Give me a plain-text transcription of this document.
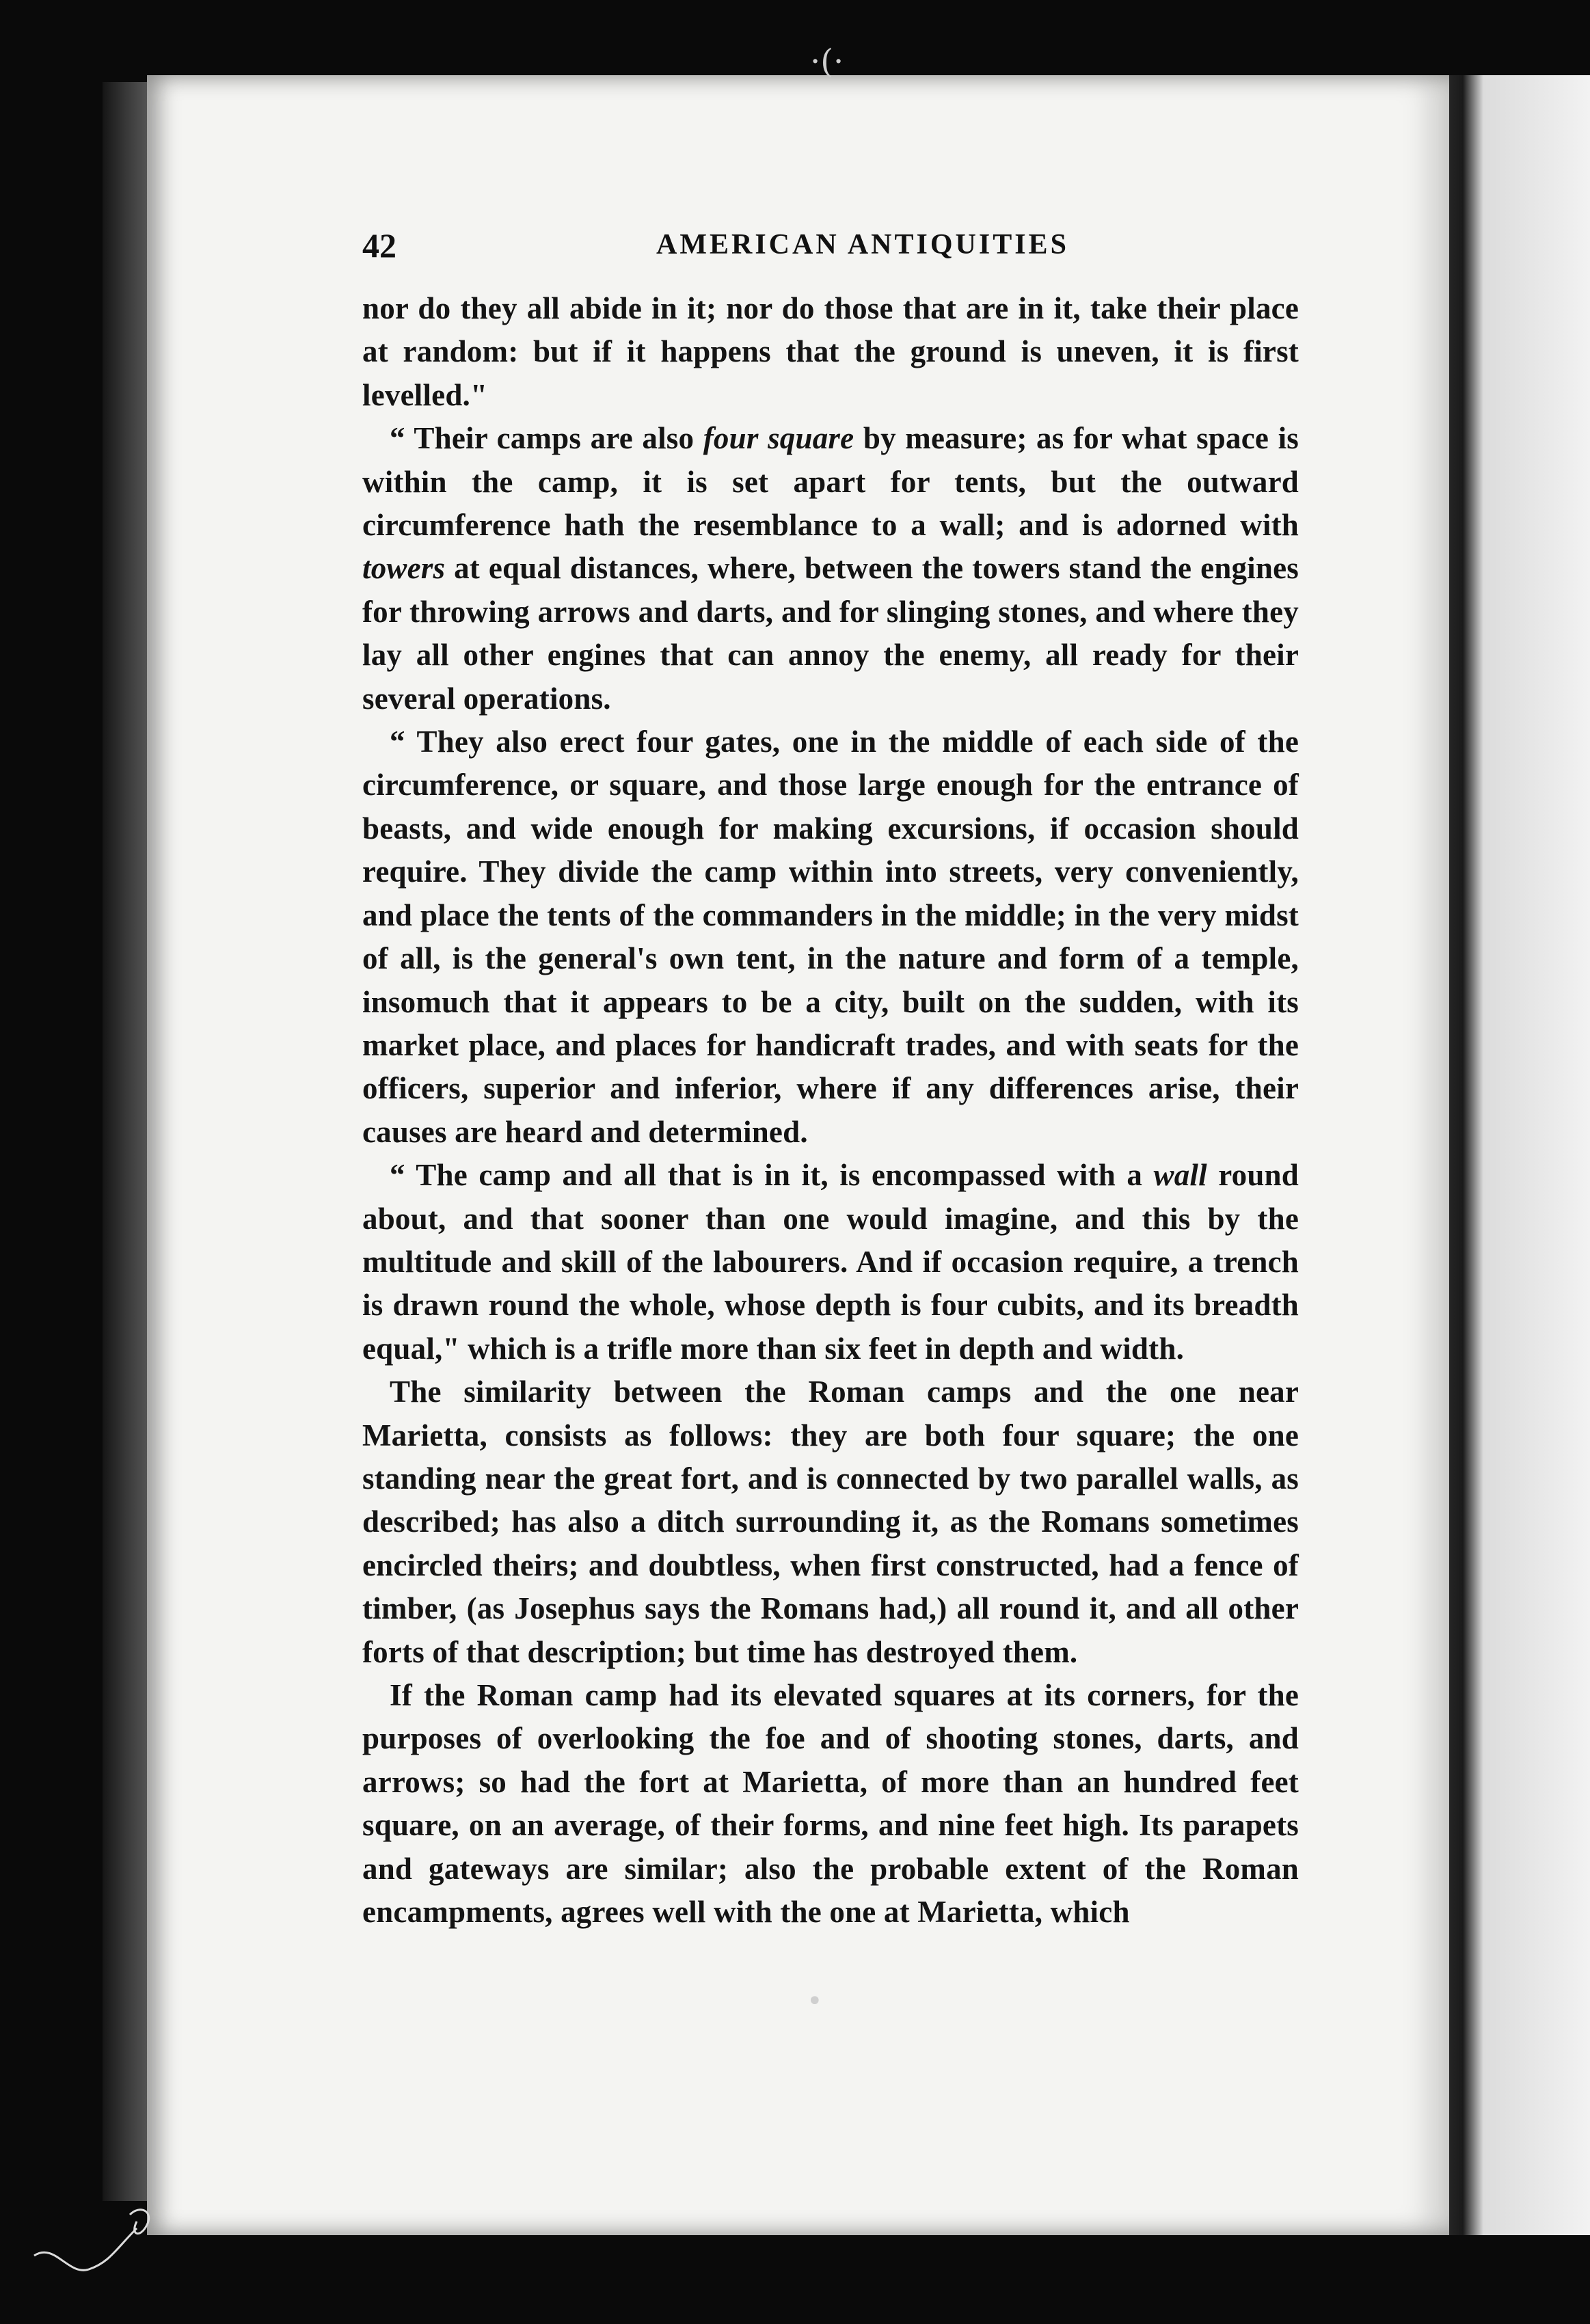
·(·
42	AMERICAN ANTIQUITIES

nor do they all abide in it; nor do those that are in it, take their place at random: but if it happens that the ground is uneven, it is first levelled."

“ Their camps are also four square by measure; as for what space is within the camp, it is set apart for tents, but the outward circumference hath the resemblance to a wall; and is adorned with towers at equal distances, where, between the towers stand the engines for throwing arrows and darts, and for slinging stones, and where they lay all other engines that can annoy the enemy, all ready for their several operations.

“ They also erect four gates, one in the middle of each side of the circumference, or square, and those large enough for the entrance of beasts, and wide enough for making excursions, if occasion should require. They divide the camp within into streets, very conveniently, and place the tents of the commanders in the middle; in the very midst of all, is the general's own tent, in the nature and form of a temple, insomuch that it appears to be a city, built on the sudden, with its market place, and places for handicraft trades, and with seats for the officers, superior and inferior, where if any differences arise, their causes are heard and determined.

“ The camp and all that is in it, is encompassed with a wall round about, and that sooner than one would imagine, and this by the multitude and skill of the labourers. And if occasion require, a trench is drawn round the whole, whose depth is four cubits, and its breadth equal," which is a trifle more than six feet in depth and width.

The similarity between the Roman camps and the one near Marietta, consists as follows: they are both four square; the one standing near the great fort, and is connected by two parallel walls, as described; has also a ditch surrounding it, as the Romans sometimes encircled theirs; and doubtless, when first constructed, had a fence of timber, (as Josephus says the Romans had,) all round it, and all other forts of that description; but time has destroyed them.

If the Roman camp had its elevated squares at its corners, for the purposes of overlooking the foe and of shooting stones, darts, and arrows; so had the fort at Marietta, of more than an hundred feet square, on an average, of their forms, and nine feet high. Its parapets and gateways are similar; also the probable extent of the Roman encampments, agrees well with the one at Marietta, which

•
